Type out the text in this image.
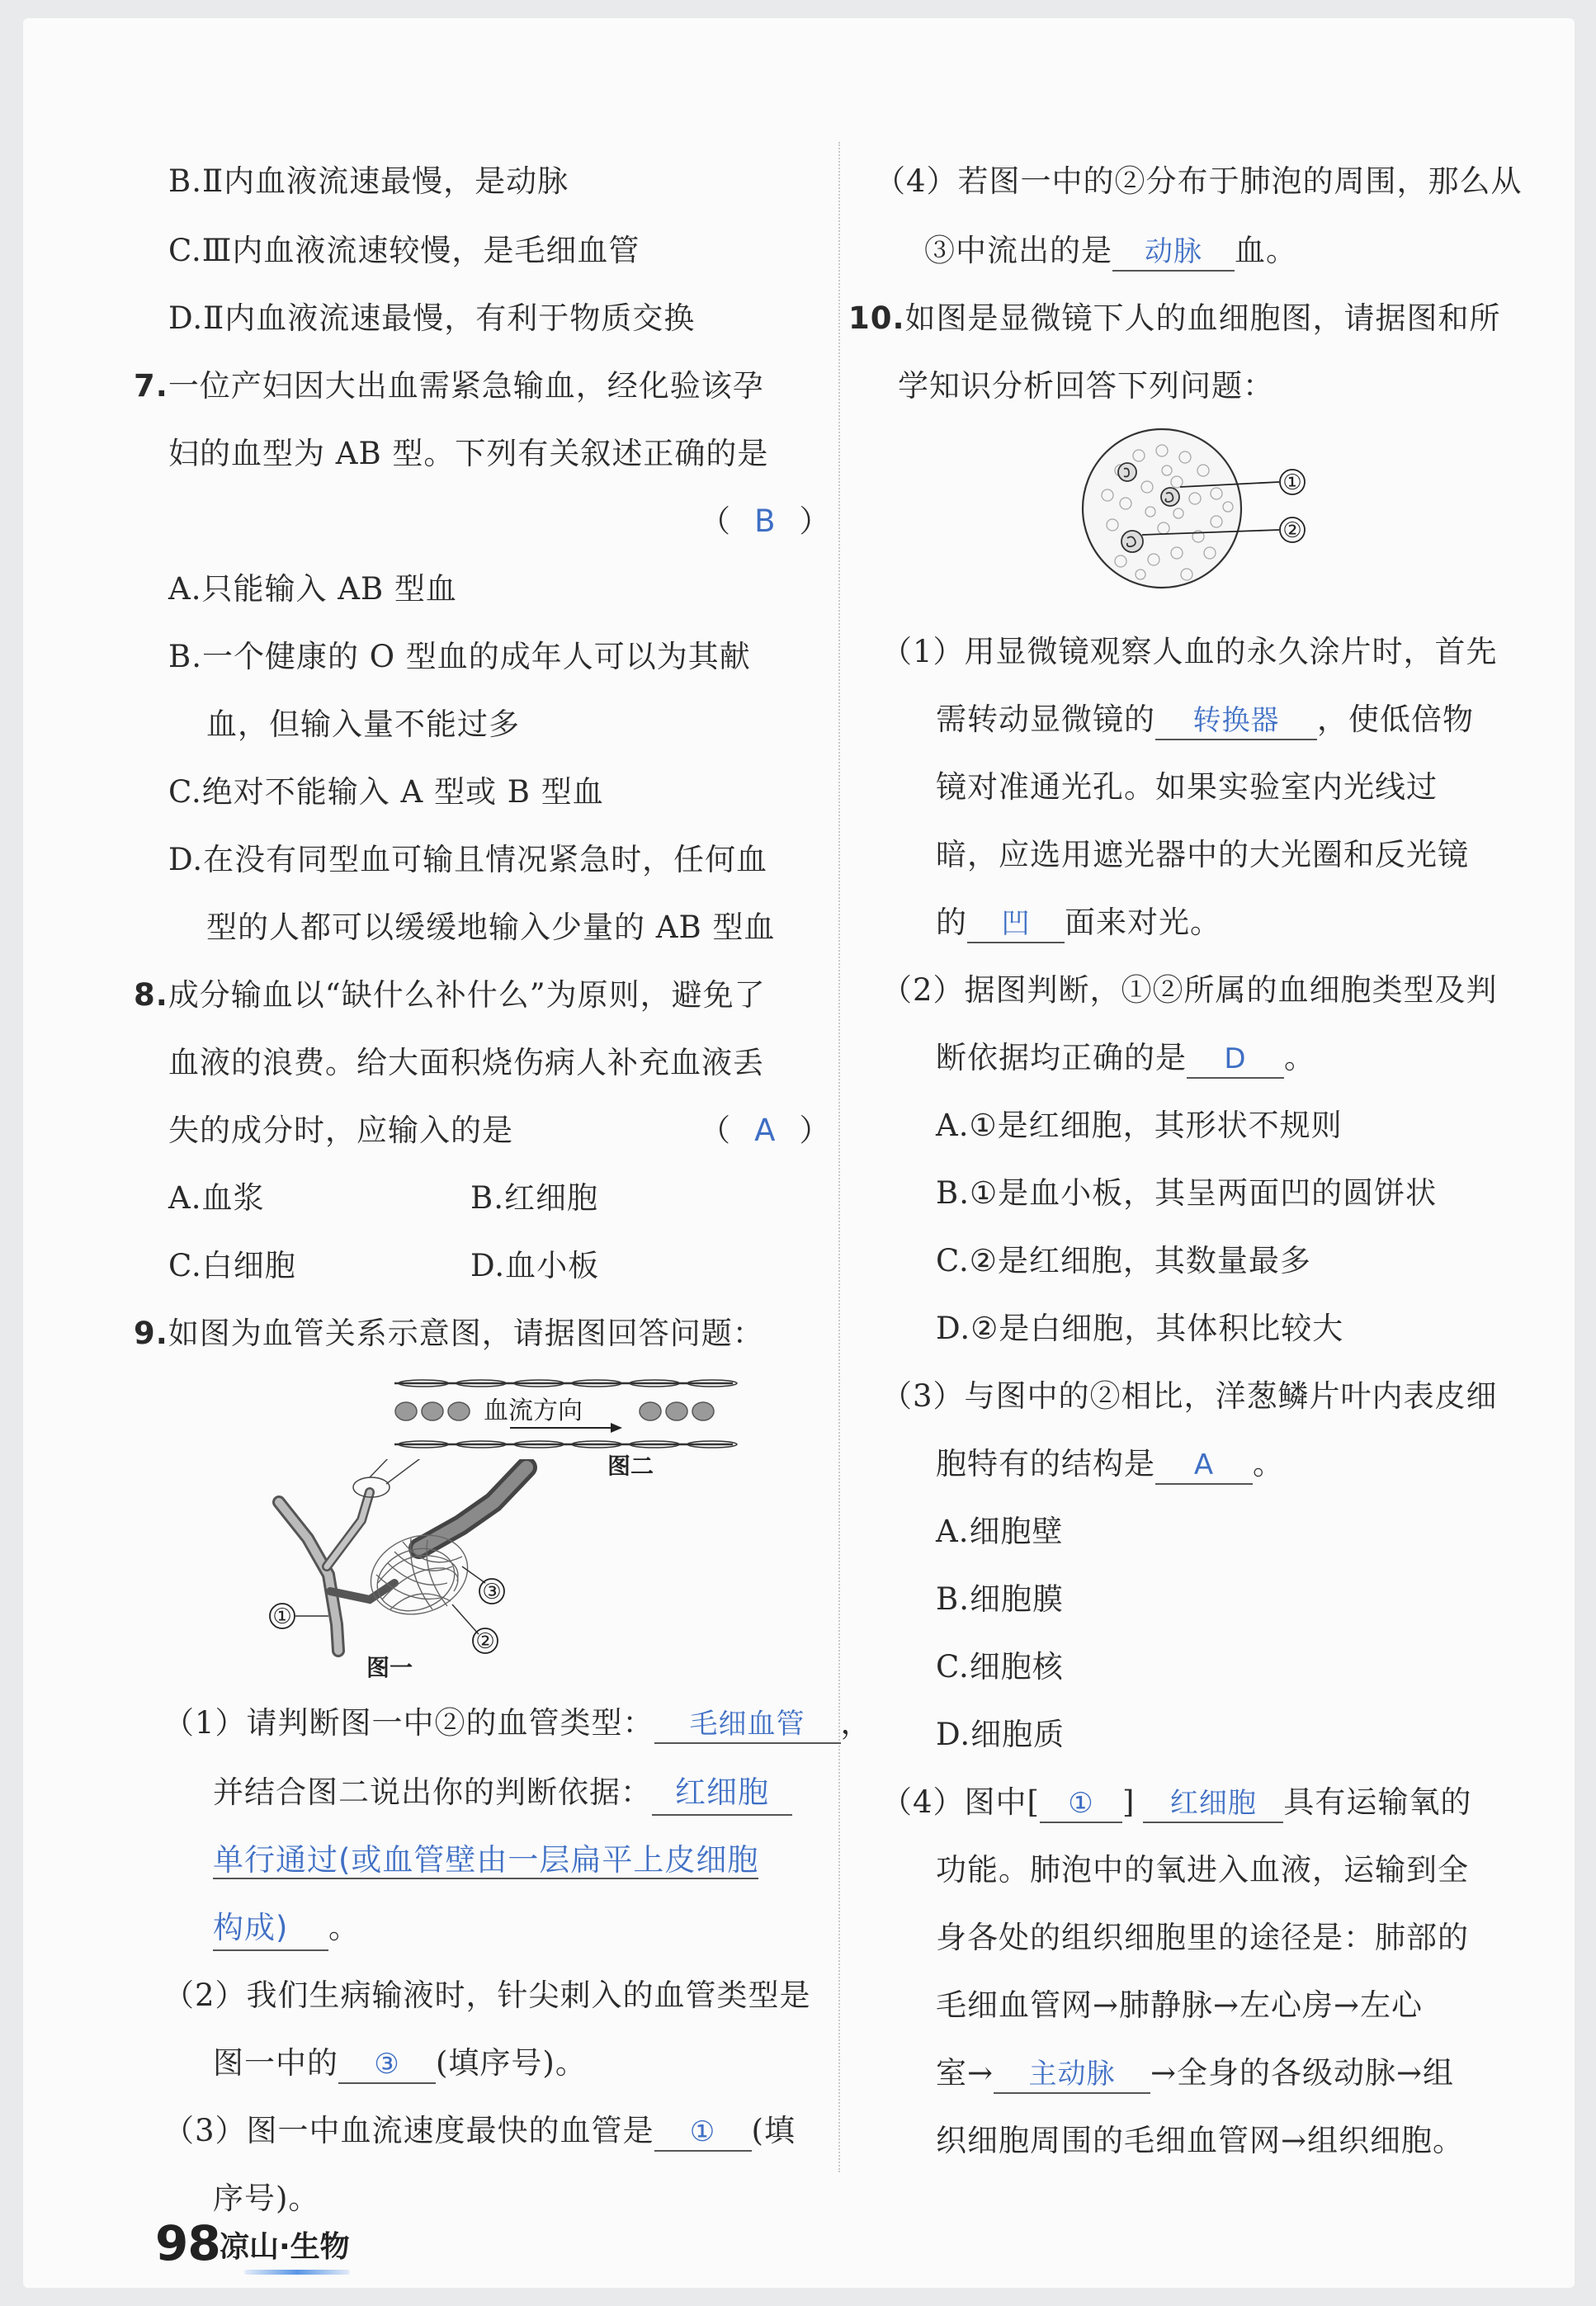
B.Ⅱ内血液流速最慢，是动脉
C.Ⅲ内血液流速较慢，是毛细血管
D.Ⅱ内血液流速最慢，有利于物质交换
7.一位产妇因大出血需紧急输血，经化验该孕
妇的血型为 AB 型。下列有关叙述正确的是
（ B ）
A.只能输入 AB 型血
B.一个健康的 O 型血的成年人可以为其献
血，但输入量不能过多
C.绝对不能输入 A 型或 B 型血
D.在没有同型血可输且情况紧急时，任何血
型的人都可以缓缓地输入少量的 AB 型血
8.成分输血以“缺什么补什么”为原则，避免了
血液的浪费。给大面积烧伤病人补充血液丢
失的成分时，应输入的是	（ A ）
A.血浆	B.红细胞
C.白细胞	D.血小板
9.如图为血管关系示意图，请据图回答问题：
血流方向
图二
①
②
③
图一
（1）请判断图一中②的血管类型： 毛细血管 ，
并结合图二说出你的判断依据： 红细胞
单行通过(或血管壁由一层扁平上皮细胞
构成) 。
（2）我们生病输液时，针尖刺入的血管类型是
图一中的 ③ (填序号)。
（3）图一中血流速度最快的血管是 ① (填
序号)。
（4）若图一中的②分布于肺泡的周围，那么从
③中流出的是 动脉 血。
10.如图是显微镜下人的血细胞图，请据图和所
学知识分析回答下列问题：
①
②
（1）用显微镜观察人血的永久涂片时，首先
需转动显微镜的 转换器 ，使低倍物
镜对准通光孔。如果实验室内光线过
暗，应选用遮光器中的大光圈和反光镜
的 凹 面来对光。
（2）据图判断，①②所属的血细胞类型及判
断依据均正确的是 D 。
A.①是红细胞，其形状不规则
B.①是血小板，其呈两面凹的圆饼状
C.②是红细胞，其数量最多
D.②是白细胞，其体积比较大
（3）与图中的②相比，洋葱鳞片叶内表皮细
胞特有的结构是 A 。
A.细胞壁
B.细胞膜
C.细胞核
D.细胞质
（4）图中[ ① ] 红细胞 具有运输氧的
功能。肺泡中的氧进入血液，运输到全
身各处的组织细胞里的途径是：肺部的
毛细血管网→肺静脉→左心房→左心
室→ 主动脉 →全身的各级动脉→组
织细胞周围的毛细血管网→组织细胞。
98 凉山·生物
